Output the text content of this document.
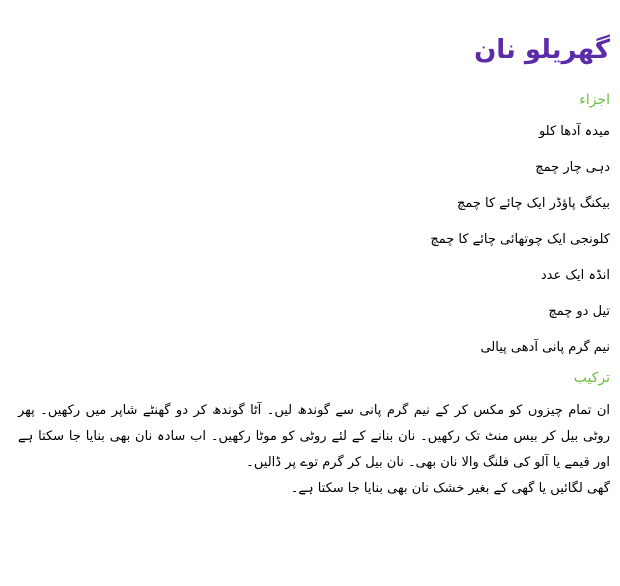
گھریلو نان
اجزاء
میدہ آدھا کلو
دہی چار چمچ
بیکنگ پاؤڈر ایک چائے کا چمچ
کلونجی ایک چوتھائی چائے کا چمچ
انڈہ ایک عدد
تیل دو چمچ
نیم گرم پانی آدھی پیالی
ترکیب

ان تمام چیزوں کو مکس کر کے نیم گرم پانی سے گوندھ لیں۔ آٹا گوندھ کر دو گھنٹے شاپر میں رکھیں۔ پھر روٹی بیل کر بیس منٹ تک رکھیں۔ نان بنانے کے لئے روٹی کو موٹا رکھیں۔ اب سادہ نان بھی بنایا جا سکتا ہے اور قیمے یا آلو کی فلنگ والا نان بھی۔ نان بیل کر گرم توے پر ڈالیں۔

گھی لگائیں یا گھی کے بغیر خشک نان بھی بنایا جا سکتا ہے۔
